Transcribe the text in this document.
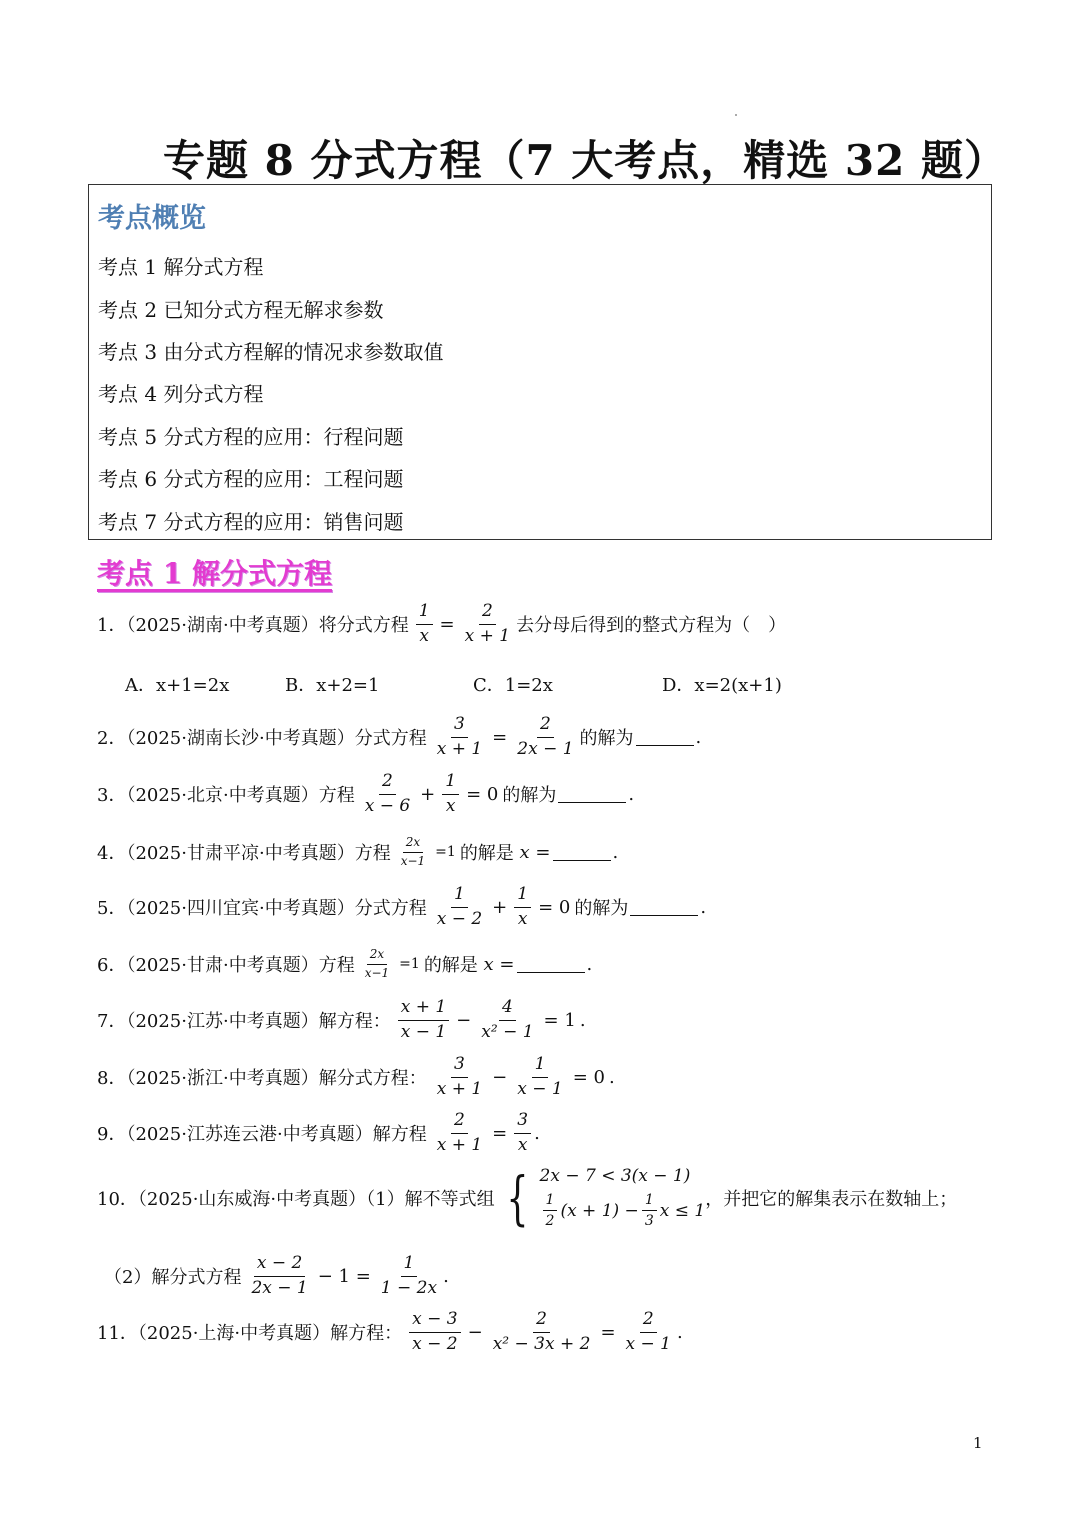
专题 8 分式方程（7 大考点，精选 32 题）
考点概览
考点 1 解分式方程
考点 2 已知分式方程无解求参数
考点 3 由分式方程解的情况求参数取值
考点 4 列分式方程
考点 5 分式方程的应用：行程问题
考点 6 分式方程的应用：工程问题
考点 7 分式方程的应用：销售问题
考点 1 解分式方程
1．（2025·湖南·中考真题）将分式方程 $\frac{1}{x} = \frac{2}{x + 1}$ 去分母后得到的整式方程为（　）
A．x+1=2x	B．x+2=1	C．1=2x	D．x=2(x+1)
2．（2025·湖南长沙·中考真题）分式方程 $\frac{3}{x + 1} = \frac{2}{2x - 1}$ 的解为	.
3．（2025·北京·中考真题）方程 $\frac{2}{x - 6} + \frac{1}{x} = 0$ 的解为	.
4．（2025·甘肃平凉·中考真题）方程 $\frac{2x}{x-1} =1$ 的解是 x =	.
5．（2025·四川宜宾·中考真题）分式方程 $\frac{1}{x - 2} + \frac{1}{x} = 0$ 的解为	.
6．（2025·甘肃·中考真题）方程 $\frac{2x}{x-1} =1$ 的解是 x =	.
7．（2025·江苏·中考真题）解方程： $\frac{x + 1}{x - 1} - \frac{4}{\text{x² − 1}} = 1$ .
8．（2025·浙江·中考真题）解分式方程： $\frac{3}{x + 1} - \frac{1}{x - 1} = 0$ .
9．（2025·江苏连云港·中考真题）解方程 $\frac{2}{x + 1} = \frac{3}{x}$ .
10．（2025·山东威海·中考真题）（1）解不等式组 { 2x − 7 < 3(x − 1)
$\frac{1}{2} (x + 1) - \frac{1}{3}$ x ≤ 1
，并把它的解集表示在数轴上；
（2）解分式方程 $\frac{x - 2}{2x - 1} - 1 = \frac{1}{1 - 2x}$ .
11．（2025·上海·中考真题）解方程： $\frac{x - 3}{x - 2} - \frac{2}{\text{x² − 3x + 2}} = \frac{2}{x - 1}$ .
1
